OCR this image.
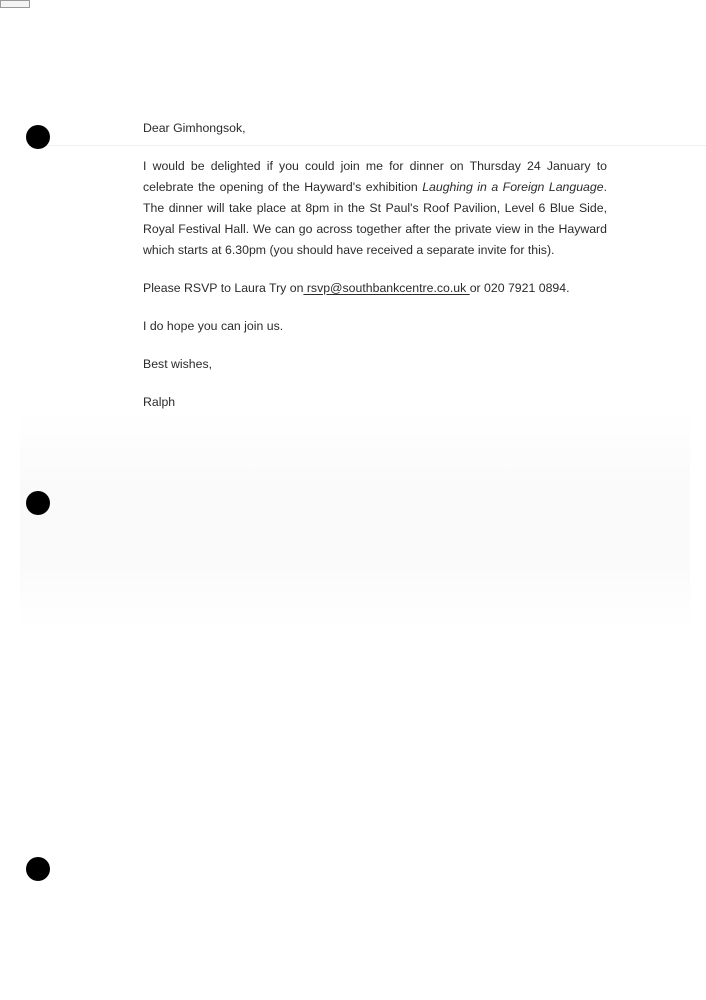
Dear Gimhongsok,

I would be delighted if you could join me for dinner on Thursday 24 January to celebrate the opening of the Hayward's exhibition Laughing in a Foreign Language. The dinner will take place at 8pm in the St Paul's Roof Pavilion, Level 6 Blue Side, Royal Festival Hall. We can go across together after the private view in the Hayward which starts at 6.30pm (you should have received a separate invite for this).

Please RSVP to Laura Try on rsvp@southbankcentre.co.uk or 020 7921 0894.

I do hope you can join us.

Best wishes,

Ralph
